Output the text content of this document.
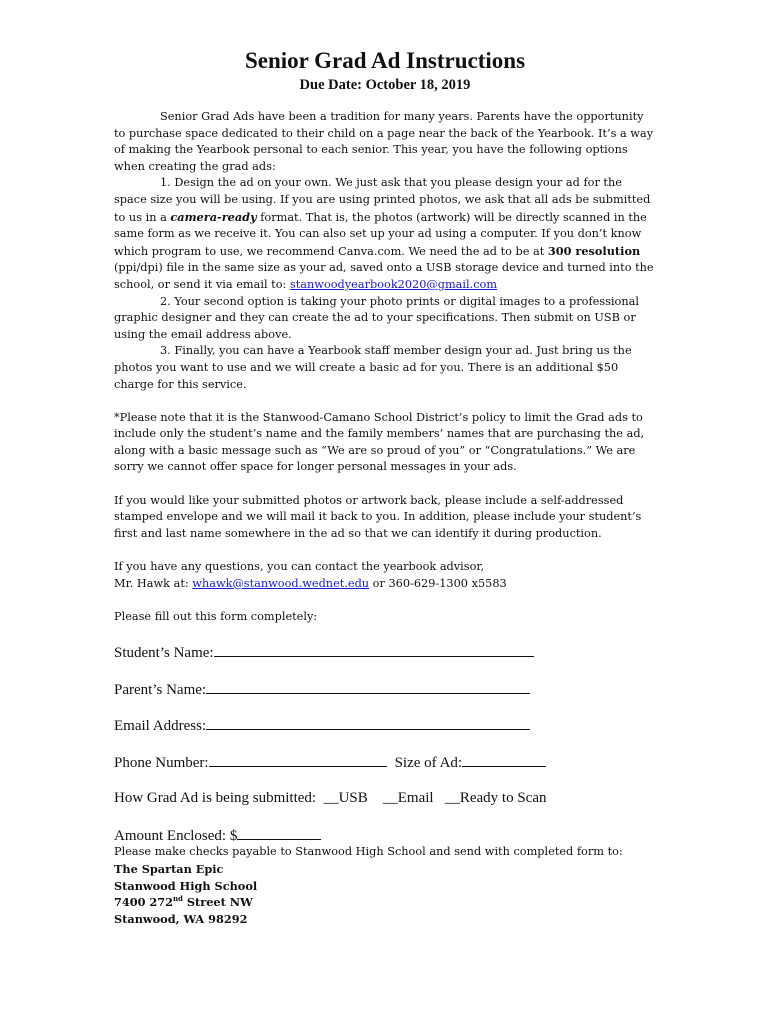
Senior Grad Ad Instructions
Due Date: October 18, 2019

Senior Grad Ads have been a tradition for many years. Parents have the opportunity to purchase space dedicated to their child on a page near the back of the Yearbook. It’s a way of making the Yearbook personal to each senior. This year, you have the following options when creating the grad ads:

1. Design the ad on your own. We just ask that you please design your ad for the space size you will be using. If you are using printed photos, we ask that all ads be submitted to us in a camera-ready format. That is, the photos (artwork) will be directly scanned in the same form as we receive it. You can also set up your ad using a computer. If you don’t know which program to use, we recommend Canva.com. We need the ad to be at 300 resolution (ppi/dpi) file in the same size as your ad, saved onto a USB storage device and turned into the school, or send it via email to: stanwoodyearbook2020@gmail.com

2. Your second option is taking your photo prints or digital images to a professional graphic designer and they can create the ad to your specifications. Then submit on USB or using the email address above.

3. Finally, you can have a Yearbook staff member design your ad. Just bring us the photos you want to use and we will create a basic ad for you. There is an additional $50 charge for this service.

*Please note that it is the Stanwood-Camano School District’s policy to limit the Grad ads to include only the student’s name and the family members’ names that are purchasing the ad, along with a basic message such as “We are so proud of you” or “Congratulations.” We are sorry we cannot offer space for longer personal messages in your ads.

If you would like your submitted photos or artwork back, please include a self-addressed stamped envelope and we will mail it back to you. In addition, please include your student’s first and last name somewhere in the ad so that we can identify it during production.

If you have any questions, you can contact the yearbook advisor,

Mr. Hawk at: whawk@stanwood.wednet.edu or 360-629-1300 x5583

Please fill out this form completely:

Student’s Name:
Parent’s Name:
Email Address:
Phone Number:	Size of Ad:
How Grad Ad is being submitted: __USB __Email __Ready to Scan
Amount Enclosed: $
Please make checks payable to Stanwood High School and send with completed form to:
The Spartan Epic
Stanwood High School
7400 272nd Street NW
Stanwood, WA 98292
